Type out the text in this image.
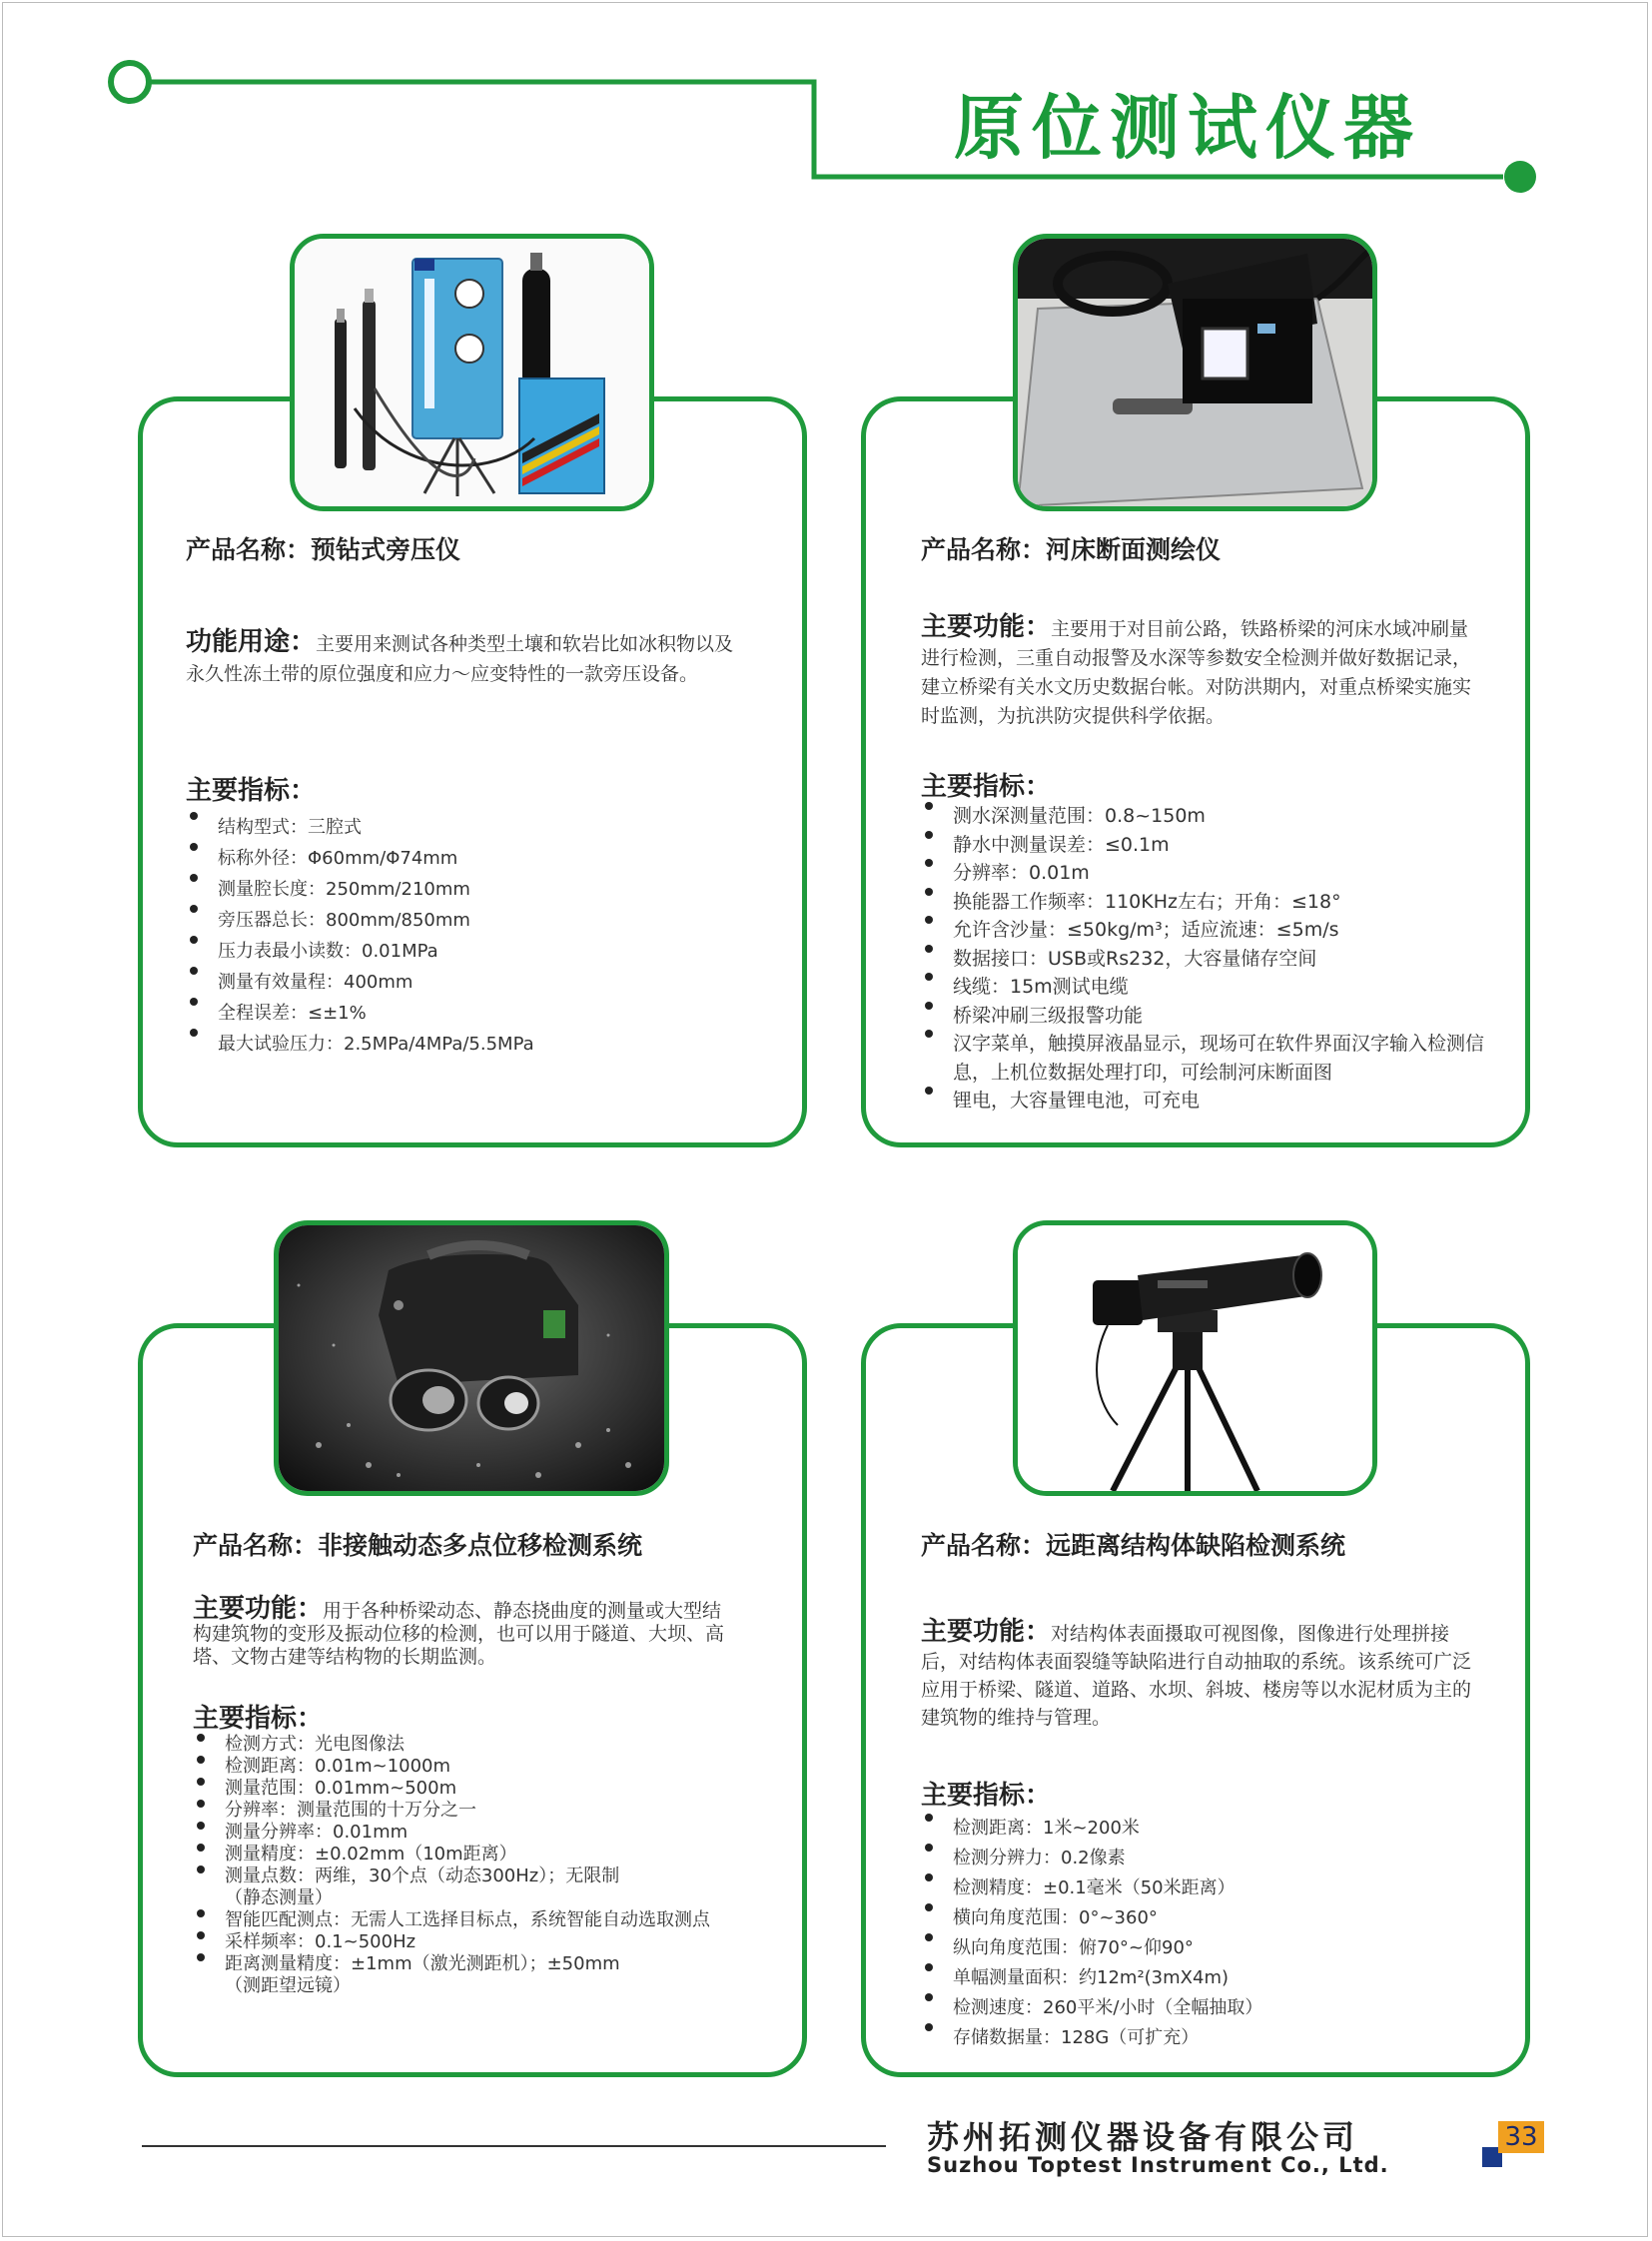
原位测试仪器
产品名称：预钻式旁压仪
功能用途：主要用来测试各种类型土壤和软岩比如冰积物以及永久性冻土带的原位强度和应力～应变特性的一款旁压设备。
主要指标：
结构型式：三腔式
标称外径：Φ60mm/Φ74mm
测量腔长度：250mm/210mm
旁压器总长：800mm/850mm
压力表最小读数：0.01MPa
测量有效量程：400mm
全程误差：≤±1%
最大试验压力：2.5MPa/4MPa/5.5MPa
产品名称：河床断面测绘仪
主要功能：主要用于对目前公路，铁路桥梁的河床水域冲刷量进行检测，三重自动报警及水深等参数安全检测并做好数据记录，建立桥梁有关水文历史数据台帐。对防洪期内，对重点桥梁实施实时监测，为抗洪防灾提供科学依据。
主要指标：
测水深测量范围：0.8~150m
静水中测量误差：≤0.1m
分辨率：0.01m
换能器工作频率：110KHz左右；开角：≤18°
允许含沙量：≤50kg/m³；适应流速：≤5m/s
数据接口：USB或Rs232，大容量储存空间
线缆：15m测试电缆
桥梁冲刷三级报警功能
汉字菜单，触摸屏液晶显示，现场可在软件界面汉字输入检测信息，上机位数据处理打印，可绘制河床断面图
锂电，大容量锂电池，可充电
产品名称：非接触动态多点位移检测系统
主要功能：用于各种桥梁动态、静态挠曲度的测量或大型结构建筑物的变形及振动位移的检测，也可以用于隧道、大坝、高塔、文物古建等结构物的长期监测。
主要指标：
检测方式：光电图像法
检测距离：0.01m~1000m
测量范围：0.01mm~500m
分辨率：测量范围的十万分之一
测量分辨率：0.01mm
测量精度：±0.02mm（10m距离）
测量点数：两维，30个点（动态300Hz）；无限制（静态测量）
智能匹配测点：无需人工选择目标点，系统智能自动选取测点
采样频率：0.1~500Hz
距离测量精度：±1mm（激光测距机）；±50mm（测距望远镜）
产品名称：远距离结构体缺陷检测系统
主要功能：对结构体表面摄取可视图像，图像进行处理拼接后，对结构体表面裂缝等缺陷进行自动抽取的系统。该系统可广泛应用于桥梁、隧道、道路、水坝、斜坡、楼房等以水泥材质为主的建筑物的维持与管理。
主要指标：
检测距离：1米~200米
检测分辨力：0.2像素
检测精度：±0.1毫米（50米距离）
横向角度范围：0°~360°
纵向角度范围：俯70°~仰90°
单幅测量面积：约12m²(3mX4m)
检测速度：260平米/小时（全幅抽取）
存储数据量：128G（可扩充）
苏州拓测仪器设备有限公司
Suzhou Toptest Instrument Co., Ltd.
33
